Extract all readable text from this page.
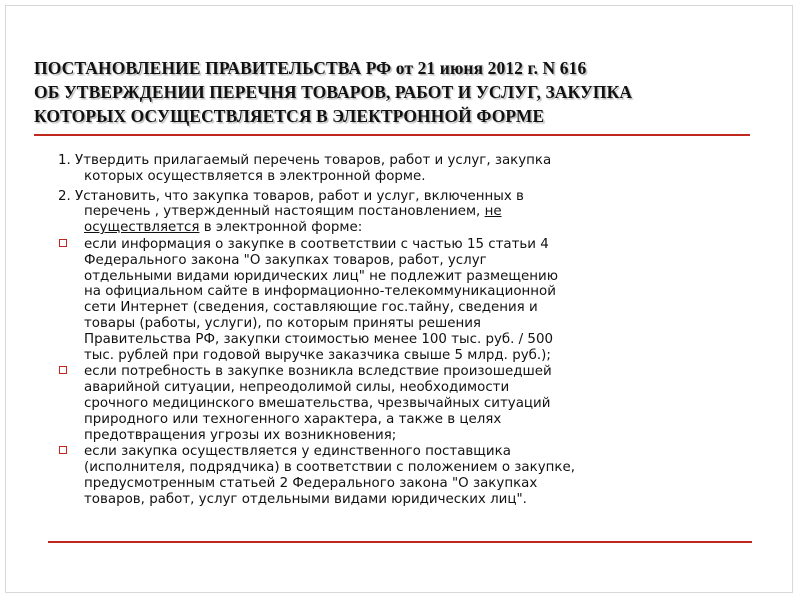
ПОСТАНОВЛЕНИЕ ПРАВИТЕЛЬСТВА РФ от 21 июня 2012 г. N 616
ОБ УТВЕРЖДЕНИИ ПЕРЕЧНЯ ТОВАРОВ, РАБОТ И УСЛУГ, ЗАКУПКА
КОТОРЫХ ОСУЩЕСТВЛЯЕТСЯ В ЭЛЕКТРОННОЙ ФОРМЕ
1. Утвердить прилагаемый перечень товаров, работ и услуг, закупка
которых осуществляется в электронной форме.
2. Установить, что закупка товаров, работ и услуг, включенных в
перечень , утвержденный настоящим постановлением, не
осуществляется в электронной форме:
если информация о закупке в соответствии с частью 15 статьи 4
Федерального закона "О закупках товаров, работ, услуг
отдельными видами юридических лиц" не подлежит размещению
на официальном сайте в информационно-телекоммуникационной
сети Интернет (сведения, составляющие гос.тайну, сведения и
товары (работы, услуги), по которым приняты решения
Правительства РФ, закупки стоимостью менее 100 тыс. руб. / 500
тыс. рублей при годовой выручке заказчика свыше 5 млрд. руб.);
если потребность в закупке возникла вследствие произошедшей
аварийной ситуации, непреодолимой силы, необходимости
срочного медицинского вмешательства, чрезвычайных ситуаций
природного или техногенного характера, а также в целях
предотвращения угрозы их возникновения;
если закупка осуществляется у единственного поставщика
(исполнителя, подрядчика) в соответствии с положением о закупке,
предусмотренным статьей 2 Федерального закона "О закупках
товаров, работ, услуг отдельными видами юридических лиц".
